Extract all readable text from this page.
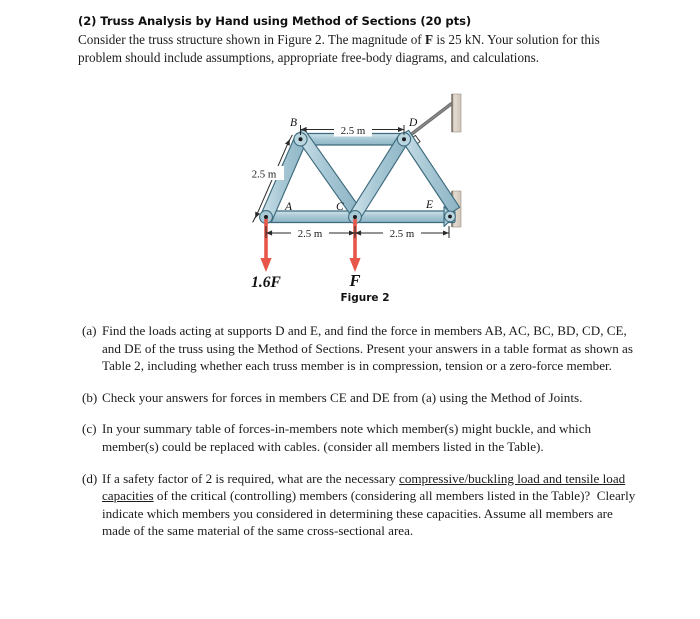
(2) Truss Analysis by Hand using Method of Sections (20 pts)
Consider the truss structure shown in Figure 2. The magnitude of F is 25 kN. Your solution for this problem should include assumptions, appropriate free-body diagrams, and calculations.
2.5 m
2.5 m
2.5 m	2.5 m
A
B
C
D
E
1.6F	F
Figure 2
(a) Find the loads acting at supports D and E, and find the force in members AB, AC, BC, BD, CD, CE, and DE of the truss using the Method of Sections. Present your answers in a table format as shown as Table 2, including whether each truss member is in compression, tension or a zero-force member.
(b) Check your answers for forces in members CE and DE from (a) using the Method of Joints.
(c) In your summary table of forces-in-members note which member(s) might buckle, and which member(s) could be replaced with cables. (consider all members listed in the Table).
(d) If a safety factor of 2 is required, what are the necessary compressive/buckling load and tensile load capacities of the critical (controlling) members (considering all members listed in the Table)?  Clearly indicate which members you considered in determining these capacities. Assume all members are made of the same material of the same cross-sectional area.
